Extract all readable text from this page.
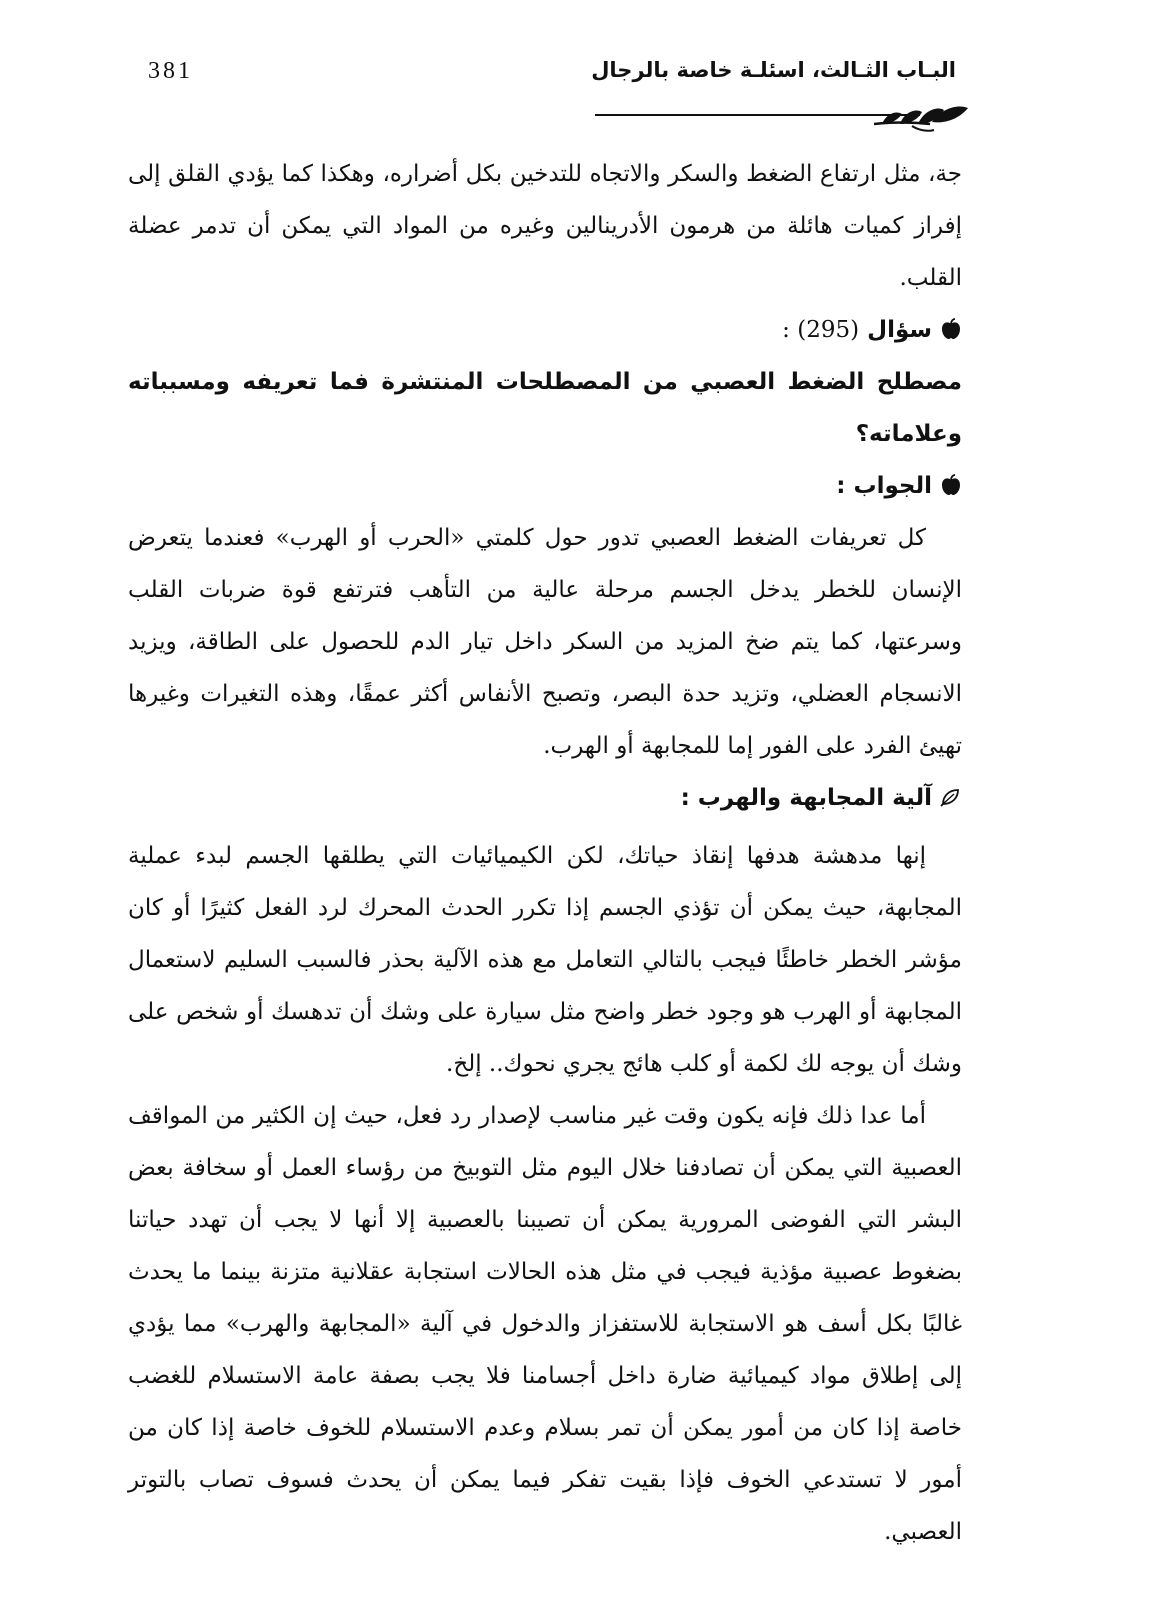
381	البـاب الثـالث، اسئلـة خاصة بالرجال

جة، مثل ارتفاع الضغط والسكر والاتجاه للتدخين بكل أضراره، وهكذا كما يؤدي القلق إلى إفراز كميات هائلة من هرمون الأدرينالين وغيره من المواد التي يمكن أن تدمر عضلة القلب.

سؤال (295) :

مصطلح الضغط العصبي من المصطلحات المنتشرة فما تعريفه ومسبباته وعلاماته؟

الجواب :

كل تعريفات الضغط العصبي تدور حول كلمتي «الحرب أو الهرب» فعندما يتعرض الإنسان للخطر يدخل الجسم مرحلة عالية من التأهب فترتفع قوة ضربات القلب وسرعتها، كما يتم ضخ المزيد من السكر داخل تيار الدم للحصول على الطاقة، ويزيد الانسجام العضلي، وتزيد حدة البصر، وتصبح الأنفاس أكثر عمقًا، وهذه التغيرات وغيرها تهيئ الفرد على الفور إما للمجابهة أو الهرب.

آلية المجابهة والهرب :

إنها مدهشة هدفها إنقاذ حياتك، لكن الكيميائيات التي يطلقها الجسم لبدء عملية المجابهة، حيث يمكن أن تؤذي الجسم إذا تكرر الحدث المحرك لرد الفعل كثيرًا أو كان مؤشر الخطر خاطئًا فيجب بالتالي التعامل مع هذه الآلية بحذر فالسبب السليم لاستعمال المجابهة أو الهرب هو وجود خطر واضح مثل سيارة على وشك أن تدهسك أو شخص على وشك أن يوجه لك لكمة أو كلب هائج يجري نحوك.. إلخ.

أما عدا ذلك فإنه يكون وقت غير مناسب لإصدار رد فعل، حيث إن الكثير من المواقف العصبية التي يمكن أن تصادفنا خلال اليوم مثل التوبيخ من رؤساء العمل أو سخافة بعض البشر التي الفوضى المرورية يمكن أن تصيبنا بالعصبية إلا أنها لا يجب أن تهدد حياتنا بضغوط عصبية مؤذية فيجب في مثل هذه الحالات استجابة عقلانية متزنة بينما ما يحدث غالبًا بكل أسف هو الاستجابة للاستفزاز والدخول في آلية «المجابهة والهرب» مما يؤدي إلى إطلاق مواد كيميائية ضارة داخل أجسامنا فلا يجب بصفة عامة الاستسلام للغضب خاصة إذا كان من أمور يمكن أن تمر بسلام وعدم الاستسلام للخوف خاصة إذا كان من أمور لا تستدعي الخوف فإذا بقيت تفكر فيما يمكن أن يحدث فسوف تصاب بالتوتر العصبي.
